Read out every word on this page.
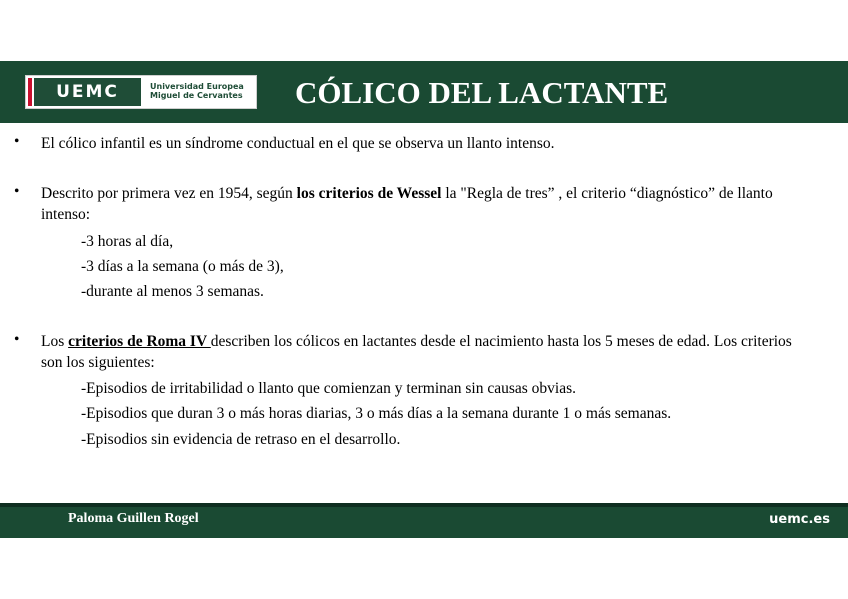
UEMC	Universidad Europea
Miguel de Cervantes CÓLICO DEL LACTANTE
• El cólico infantil es un síndrome conductual en el que se observa un llanto intenso.
• Descrito por primera vez en 1954, según los criterios de Wessel la "Regla de tres” , el criterio “diagnóstico” de llanto intenso:
-3 horas al día,
-3 días a la semana (o más de 3),
-durante al menos 3 semanas.
• Los criterios de Roma IV describen los cólicos en lactantes desde el nacimiento hasta los 5 meses de edad. Los criterios son los siguientes:
-Episodios de irritabilidad o llanto que comienzan y terminan sin causas obvias.
-Episodios que duran 3 o más horas diarias, 3 o más días a la semana durante 1 o más semanas.
-Episodios sin evidencia de retraso en el desarrollo.
Paloma Guillen Rogel	uemc.es
